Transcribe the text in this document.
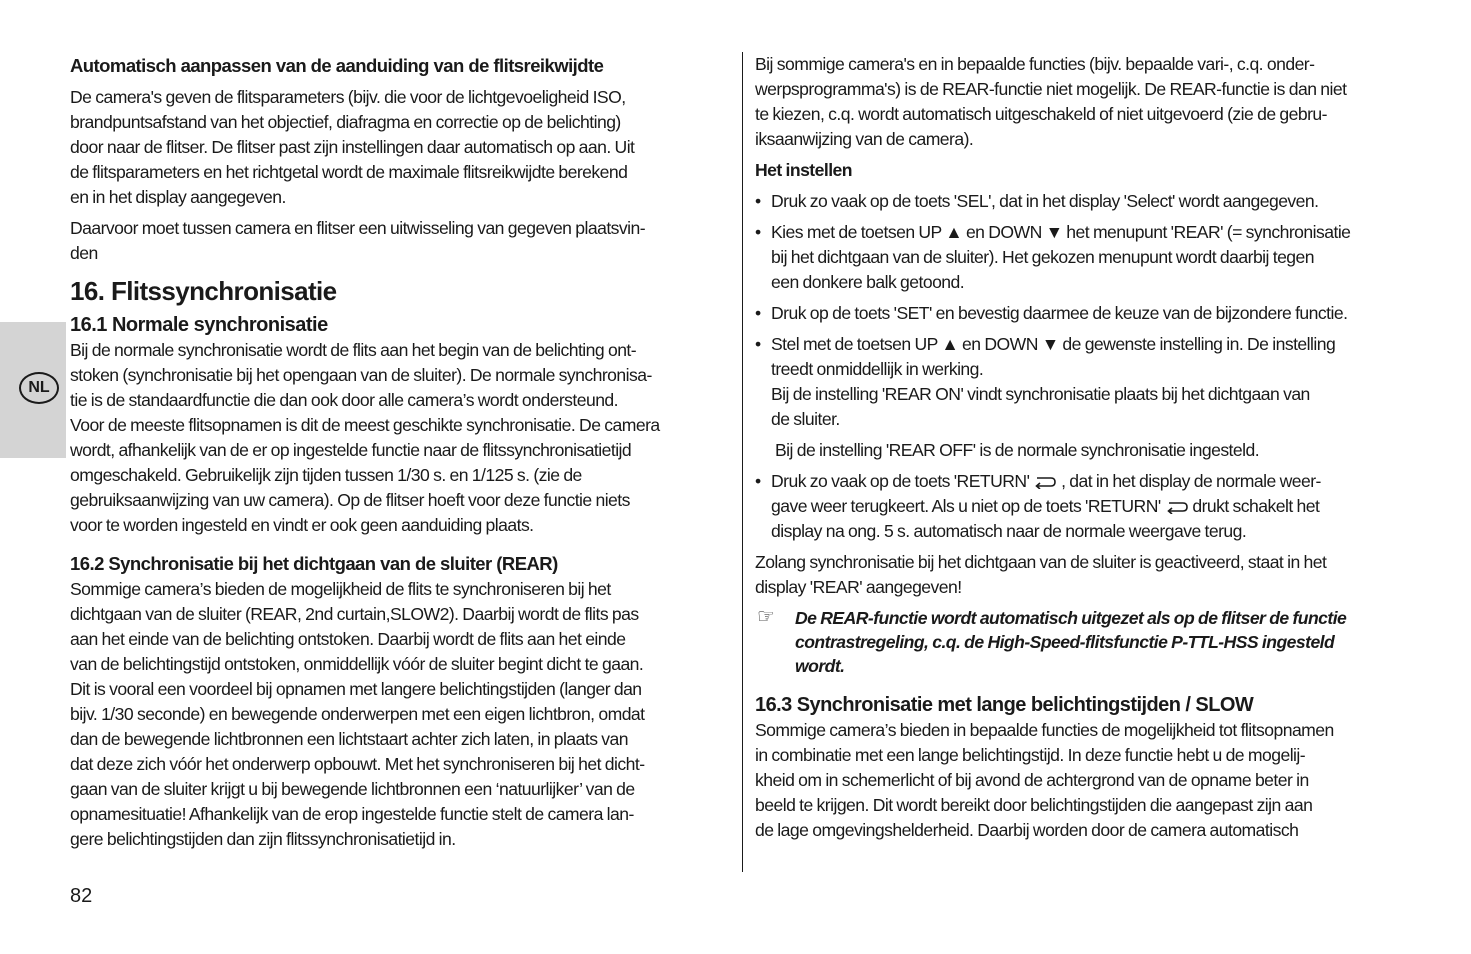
NL
Automatisch aanpassen van de aanduiding van de flitsreikwijdte
De camera's geven de flitsparameters (bijv. die voor de lichtgevoeligheid ISO,
brandpuntsafstand van het objectief, diafragma en correctie op de belichting)
door naar de flitser. De flitser past zijn instellingen daar automatisch op aan. Uit
de flitsparameters en het richtgetal wordt de maximale flitsreikwijdte berekend
en in het display aangegeven.
Daarvoor moet tussen camera en flitser een uitwisseling van gegeven plaatsvin-
den
16. Flitssynchronisatie
16.1 Normale synchronisatie
Bij de normale synchronisatie wordt de flits aan het begin van de belichting ont-
stoken (synchronisatie bij het opengaan van de sluiter). De normale synchronisa-
tie is de standaardfunctie die dan ook door alle camera’s wordt ondersteund.
Voor de meeste flitsopnamen is dit de meest geschikte synchronisatie. De camera
wordt, afhankelijk van de er op ingestelde functie naar de flitssynchronisatietijd
omgeschakeld. Gebruikelijk zijn tijden tussen 1/30 s. en 1/125 s. (zie de
gebruiksaanwijzing van uw camera). Op de flitser hoeft voor deze functie niets
voor te worden ingesteld en vindt er ook geen aanduiding plaats.
16.2 Synchronisatie bij het dichtgaan van de sluiter (REAR)
Sommige camera’s bieden de mogelijkheid de flits te synchroniseren bij het
dichtgaan van de sluiter (REAR, 2nd curtain,SLOW2). Daarbij wordt de flits pas
aan het einde van de belichting ontstoken. Daarbij wordt de flits aan het einde
van de belichtingstijd ontstoken, onmiddellijk vóór de sluiter begint dicht te gaan.
Dit is vooral een voordeel bij opnamen met langere belichtingstijden (langer dan
bijv. 1/30 seconde) en bewegende onderwerpen met een eigen lichtbron, omdat
dan de bewegende lichtbronnen een lichtstaart achter zich laten, in plaats van
dat deze zich vóór het onderwerp opbouwt. Met het synchroniseren bij het dicht-
gaan van de sluiter krijgt u bij bewegende lichtbronnen een ‘natuurlijker’ van de
opnamesituatie! Afhankelijk van de erop ingestelde functie stelt de camera lan-
gere belichtingstijden dan zijn flitssynchronisatietijd in.
Bij sommige camera's en in bepaalde functies (bijv. bepaalde vari-, c.q. onder-
werpsprogramma's) is de REAR-functie niet mogelijk. De REAR-functie is dan niet
te kiezen, c.q. wordt automatisch uitgeschakeld of niet uitgevoerd (zie de gebru-
iksaanwijzing van de camera).
Het instellen
• Druk zo vaak op de toets 'SEL', dat in het display 'Select' wordt aangegeven.
• Kies met de toetsen UP ▲ en DOWN ▼ het menupunt 'REAR' (= synchronisatie
bij het dichtgaan van de sluiter). Het gekozen menupunt wordt daarbij tegen
een donkere balk getoond.
• Druk op de toets 'SET' en bevestig daarmee de keuze van de bijzondere functie.
• Stel met de toetsen UP ▲ en DOWN ▼ de gewenste instelling in. De instelling
treedt onmiddellijk in werking.
Bij de instelling 'REAR ON' vindt synchronisatie plaats bij het dichtgaan van
de sluiter.
Bij de instelling 'REAR OFF' is de normale synchronisatie ingesteld.
• Druk zo vaak op de toets 'RETURN'  , dat in het display de normale weer-
gave weer terugkeert. Als u niet op de toets 'RETURN'  drukt schakelt het
display na ong. 5 s. automatisch naar de normale weergave terug.
Zolang synchronisatie bij het dichtgaan van de sluiter is geactiveerd, staat in het
display 'REAR' aangegeven!
☞ De REAR-functie wordt automatisch uitgezet als op de flitser de functie
contrastregeling, c.q. de High-Speed-flitsfunctie P-TTL-HSS ingesteld
wordt.
16.3 Synchronisatie met lange belichtingstijden / SLOW
Sommige camera’s bieden in bepaalde functies de mogelijkheid tot flitsopnamen
in combinatie met een lange belichtingstijd. In deze functie hebt u de mogelij-
kheid om in schemerlicht of bij avond de achtergrond van de opname beter in
beeld te krijgen. Dit wordt bereikt door belichtingstijden die aangepast zijn aan
de lage omgevingshelderheid. Daarbij worden door de camera automatisch
82
